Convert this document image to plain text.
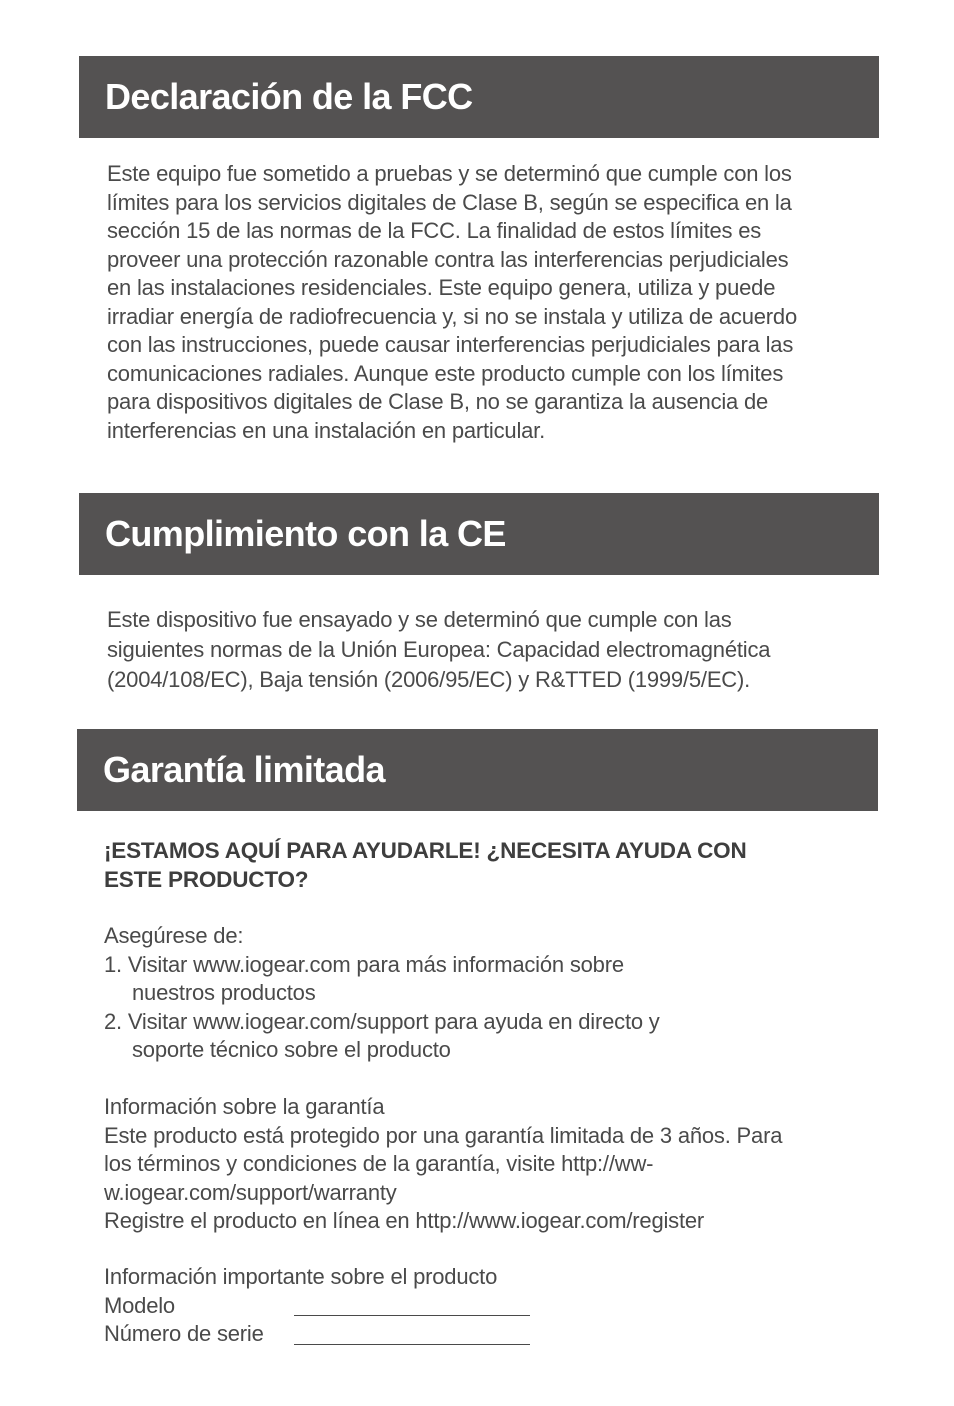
Declaración de la FCC
Este equipo fue sometido a pruebas y se determinó que cumple con los
límites para los servicios digitales de Clase B, según se especifica en la
sección 15 de las normas de la FCC. La finalidad de estos límites es
proveer una protección razonable contra las interferencias perjudiciales
en las instalaciones residenciales. Este equipo genera, utiliza y puede
irradiar energía de radiofrecuencia y, si no se instala y utiliza de acuerdo
con las instrucciones, puede causar interferencias perjudiciales para las
comunicaciones radiales. Aunque este producto cumple con los límites
para dispositivos digitales de Clase B, no se garantiza la ausencia de
interferencias en una instalación en particular.
Cumplimiento con la CE
Este dispositivo fue ensayado y se determinó que cumple con las
siguientes normas de la Unión Europea: Capacidad electromagnética
(2004/108/EC), Baja tensión (2006/95/EC) y R&TTED (1999/5/EC).
Garantía limitada
¡ESTAMOS AQUÍ PARA AYUDARLE! ¿NECESITA AYUDA CON
ESTE PRODUCTO?
Asegúrese de:
1. Visitar www.iogear.com para más información sobre
nuestros productos
2. Visitar www.iogear.com/support para ayuda en directo y
soporte técnico sobre el producto
Información sobre la garantía
Este producto está protegido por una garantía limitada de 3 años. Para
los términos y condiciones de la garantía, visite http://ww-
w.iogear.com/support/warranty
Registre el producto en línea en http://www.iogear.com/register
Información importante sobre el producto
Modelo
Número de serie
